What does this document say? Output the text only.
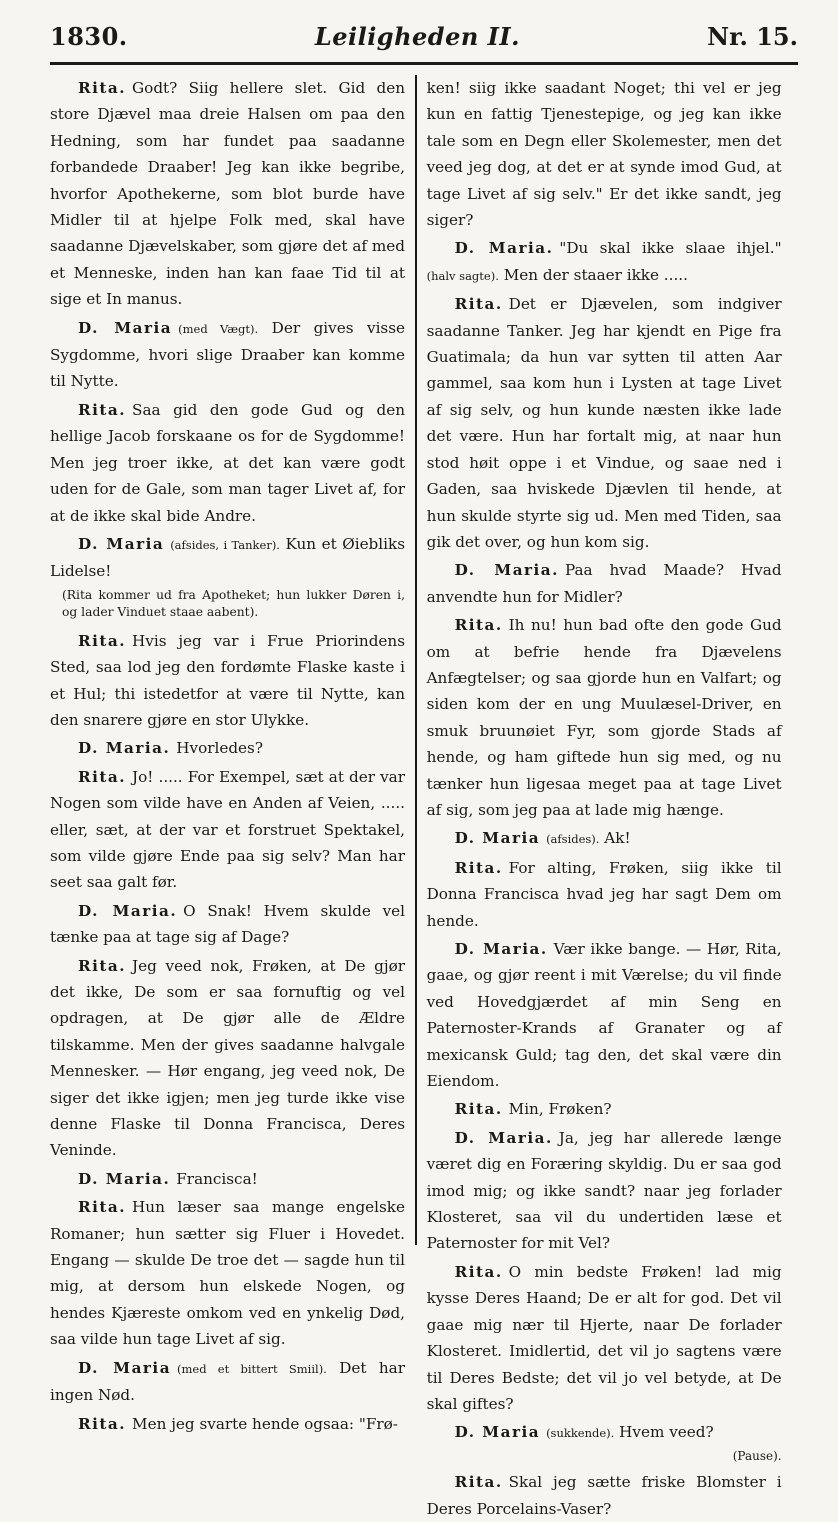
1830.	Leiligheden II.	Nr. 15.

Rita. Godt? Siig hellere slet. Gid den store Djævel maa dreie Halsen om paa den Hedning, som har fundet paa saadanne forbandede Draaber! Jeg kan ikke begribe, hvorfor Apothekerne, som blot burde have Midler til at hjelpe Folk med, skal have saadanne Djævelskaber, som gjøre det af med et Menneske, inden han kan faae Tid til at sige et In manus.

D. Maria (med Vægt). Der gives visse Sygdomme, hvori slige Draaber kan komme til Nytte.

Rita. Saa gid den gode Gud og den hellige Jacob forskaane os for de Sygdomme! Men jeg troer ikke, at det kan være godt uden for de Gale, som man tager Livet af, for at de ikke skal bide Andre.

D. Maria (afsides, i Tanker). Kun et Øiebliks Lidelse!

(Rita kommer ud fra Apotheket; hun lukker Døren i, og lader Vinduet staae aabent).

Rita. Hvis jeg var i Frue Priorindens Sted, saa lod jeg den fordømte Flaske kaste i et Hul; thi istedetfor at være til Nytte, kan den snarere gjøre en stor Ulykke.

D. Maria. Hvorledes?

Rita. Jo! ..... For Exempel, sæt at der var Nogen som vilde have en Anden af Veien, ..... eller, sæt, at der var et forstruet Spektakel, som vilde gjøre Ende paa sig selv? Man har seet saa galt før.

D. Maria. O Snak! Hvem skulde vel tænke paa at tage sig af Dage?

Rita. Jeg veed nok, Frøken, at De gjør det ikke, De som er saa fornuftig og vel opdragen, at De gjør alle de Ældre tilskamme. Men der gives saadanne halvgale Mennesker. — Hør engang, jeg veed nok, De siger det ikke igjen; men jeg turde ikke vise denne Flaske til Donna Francisca, Deres Veninde.

D. Maria. Francisca!

Rita. Hun læser saa mange engelske Romaner; hun sætter sig Fluer i Hovedet. Engang — skulde De troe det — sagde hun til mig, at dersom hun elskede Nogen, og hendes Kjæreste omkom ved en ynkelig Død, saa vilde hun tage Livet af sig.

D. Maria (med et bittert Smiil). Det har ingen Nød.

Rita. Men jeg svarte hende ogsaa: "Frø-

ken! siig ikke saadant Noget; thi vel er jeg kun en fattig Tjenestepige, og jeg kan ikke tale som en Degn eller Skolemester, men det veed jeg dog, at det er at synde imod Gud, at tage Livet af sig selv." Er det ikke sandt, jeg siger?

D. Maria. "Du skal ikke slaae ihjel." (halv sagte). Men der staaer ikke .....

Rita. Det er Djævelen, som indgiver saadanne Tanker. Jeg har kjendt en Pige fra Guatimala; da hun var sytten til atten Aar gammel, saa kom hun i Lysten at tage Livet af sig selv, og hun kunde næsten ikke lade det være. Hun har fortalt mig, at naar hun stod høit oppe i et Vindue, og saae ned i Gaden, saa hviskede Djævlen til hende, at hun skulde styrte sig ud. Men med Tiden, saa gik det over, og hun kom sig.

D. Maria. Paa hvad Maade? Hvad anvendte hun for Midler?

Rita. Ih nu! hun bad ofte den gode Gud om at befrie hende fra Djævelens Anfægtelser; og saa gjorde hun en Valfart; og siden kom der en ung Muulæsel-Driver, en smuk bruunøiet Fyr, som gjorde Stads af hende, og ham giftede hun sig med, og nu tænker hun ligesaa meget paa at tage Livet af sig, som jeg paa at lade mig hænge.

D. Maria (afsides). Ak!

Rita. For alting, Frøken, siig ikke til Donna Francisca hvad jeg har sagt Dem om hende.

D. Maria. Vær ikke bange. — Hør, Rita, gaae, og gjør reent i mit Værelse; du vil finde ved Hovedgjærdet af min Seng en Paternoster-Krands af Granater og af mexicansk Guld; tag den, det skal være din Eiendom.

Rita. Min, Frøken?

D. Maria. Ja, jeg har allerede længe været dig en Foræring skyldig. Du er saa god imod mig; og ikke sandt? naar jeg forlader Klosteret, saa vil du undertiden læse et Paternoster for mit Vel?

Rita. O min bedste Frøken! lad mig kysse Deres Haand; De er alt for god. Det vil gaae mig nær til Hjerte, naar De forlader Klosteret. Imidlertid, det vil jo sagtens være til Deres Bedste; det vil jo vel betyde, at De skal giftes?

D. Maria (sukkende). Hvem veed?

(Pause).

Rita. Skal jeg sætte friske Blomster i Deres Porcelains-Vaser?
